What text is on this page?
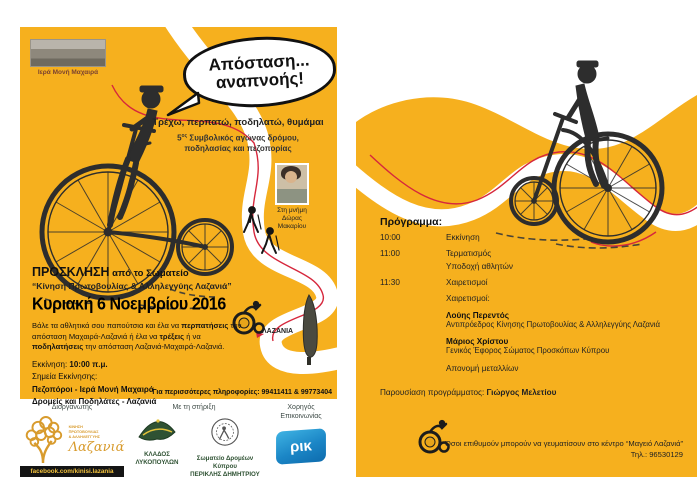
Ιερά Μονή Μαχαιρά	Απόσταση...
αναπνοής!
Τρέχω, περπατώ, ποδηλατώ, θυμάμαι
$5^{o\varsigma}$ Συμβολικός αγώνας δρόμου,
ποδηλασίας και πεζοπορίας
Στη μνήμη
Δώρας Μακαρίου
ΛΑΖΑΝΙΑ
ΠΡΟΣΚΛΗΣΗ από το Σωματείο
“Κίνηση Πρωτοβουλίας & Αλληλεγγύης Λαζανιά”
Κυριακή 6 Νοεμβρίου 2016
Βάλε τα αθλητικά σου παπούτσια και έλα να περπατήσεις την απόσταση Μαχαιρά-Λαζανιά ή έλα να τρέξεις ή να ποδηλατήσεις την απόσταση Λαζανιά-Μαχαιρά-Λαζανιά.
Εκκίνηση: 10:00 π.μ.
Σημεία Εκκίνησης:
Πεζοπόροι - Ιερά Μονή Μαχαιρά
Δρομείς και Ποδηλάτες - Λαζανιά
Για περισσότερες πληροφορίες: 99411411 & 99773404
Διοργανωτής
ΚΙΝΗΣΗ
ΠΡΩΤΟΒΟΥΛΙΑΣ
& ΑΛΛΗΛΕΓΓΥΗΣ
Λαζανιά
facebook.com/kinisi.lazania
Με τη στήριξη
ΚΛΑΔΟΣ
ΛΥΚΟΠΟΥΛΩΝ
Σωματείο Δρομέων Κύπρου
ΠΕΡΙΚΛΗΣ ΔΗΜΗΤΡΙΟΥ
Χορηγός
Επικοινωνίας
ρικ
Πρόγραμμα:
10:00	Εκκίνηση
11:00	Τερματισμός
Υποδοχή αθλητών
11:30	Χαιρετισμοί
Χαιρετισμοί:
Λούης Περεντός
Αντιπρόεδρος Κίνησης Πρωτοβουλίας & Αλληλεγγύης Λαζανιά
Μάριος Χρίστου
Γενικός Έφορος Σώματος Προσκόπων Κύπρου
Απονομή μεταλλίων
Παρουσίαση προγράμματος: Γιώργος Μελετίου
Όσοι επιθυμούν μπορούν να γευματίσουν στο κέντρο “Μαγειό Λαζανιά”
Τηλ.: 96530129
